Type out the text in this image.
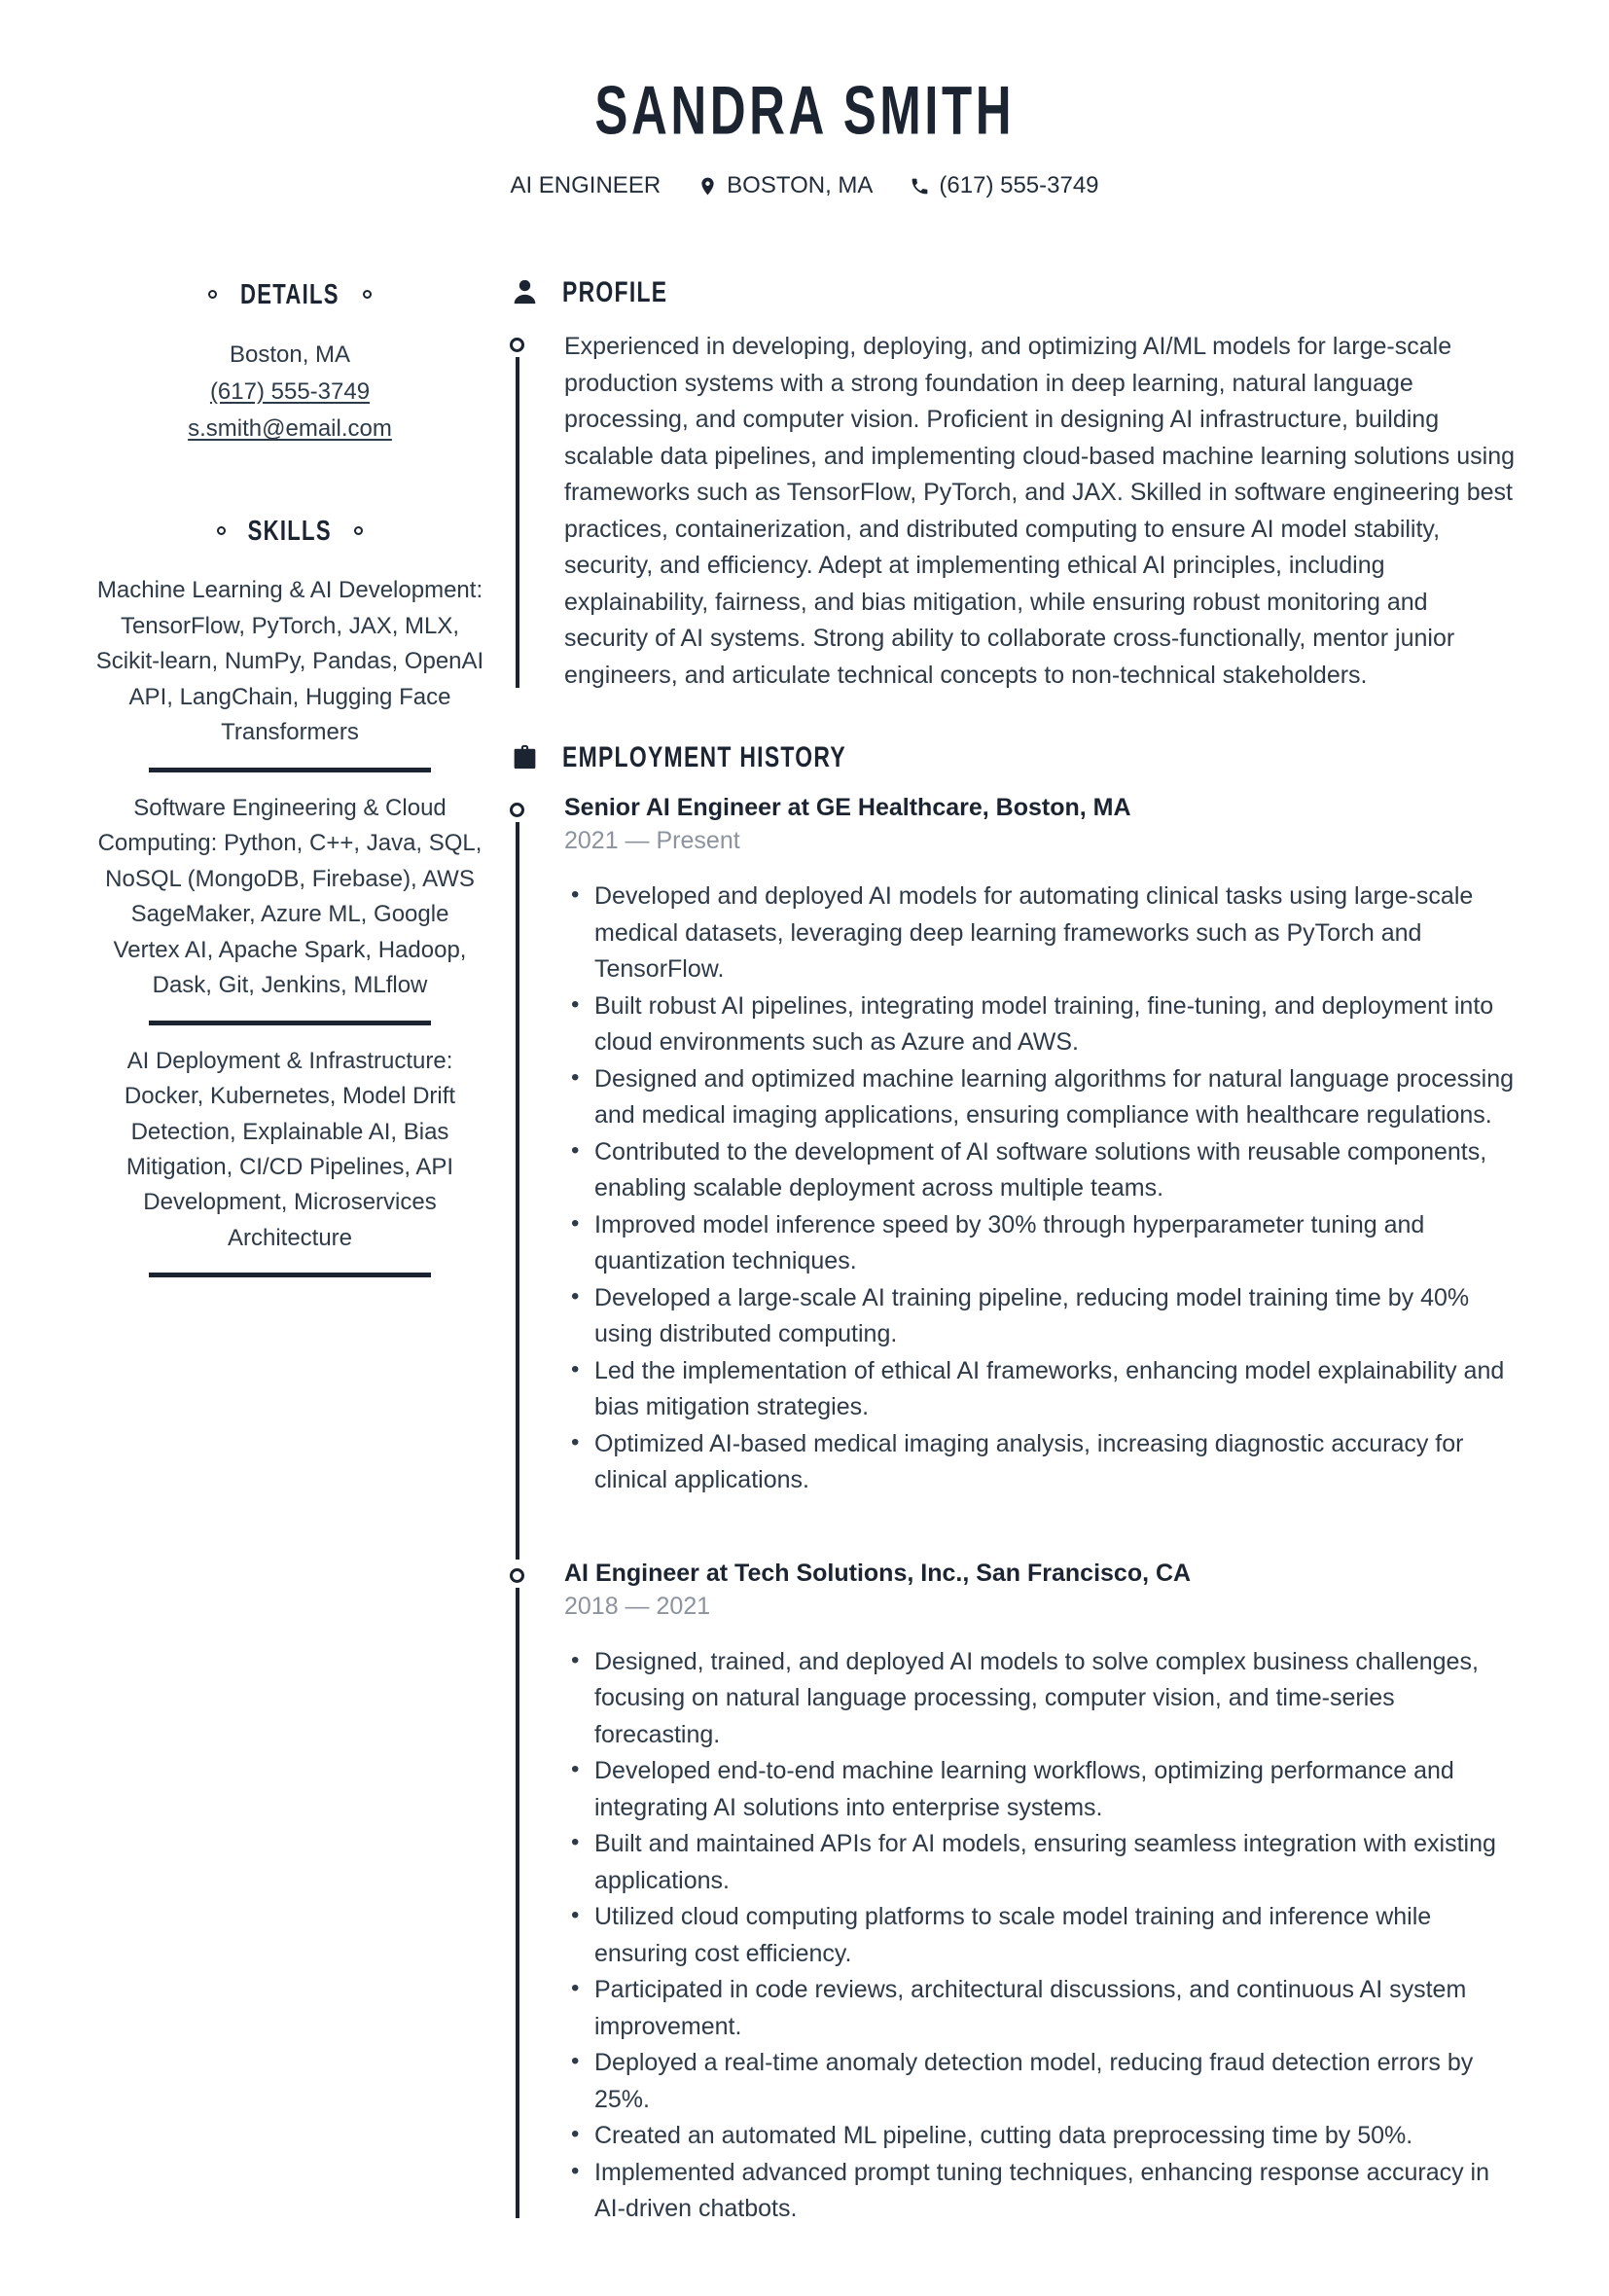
SANDRA SMITH
AI ENGINEER	BOSTON, MA	(617) 555-3749
DETAILS
Boston, MA
(617) 555-3749
s.smith@email.com
SKILLS

Machine Learning & AI Development: TensorFlow, PyTorch, JAX, MLX, Scikit-learn, NumPy, Pandas, OpenAI API, LangChain, Hugging Face Transformers

Software Engineering & Cloud Computing: Python, C++, Java, SQL, NoSQL (MongoDB, Firebase), AWS SageMaker, Azure ML, Google Vertex AI, Apache Spark, Hadoop, Dask, Git, Jenkins, MLflow

AI Deployment & Infrastructure: Docker, Kubernetes, Model Drift Detection, Explainable AI, Bias Mitigation, CI/CD Pipelines, API Development, Microservices Architecture

PROFILE

Experienced in developing, deploying, and optimizing AI/ML models for large-scale production systems with a strong foundation in deep learning, natural language processing, and computer vision. Proficient in designing AI infrastructure, building scalable data pipelines, and implementing cloud-based machine learning solutions using frameworks such as TensorFlow, PyTorch, and JAX. Skilled in software engineering best practices, containerization, and distributed computing to ensure AI model stability, security, and efficiency. Adept at implementing ethical AI principles, including explainability, fairness, and bias mitigation, while ensuring robust monitoring and security of AI systems. Strong ability to collaborate cross-functionally, mentor junior engineers, and articulate technical concepts to non-technical stakeholders.

EMPLOYMENT HISTORY
Senior AI Engineer at GE Healthcare, Boston, MA
2021 — Present
• Developed and deployed AI models for automating clinical tasks using large-scale medical datasets, leveraging deep learning frameworks such as PyTorch and TensorFlow.
• Built robust AI pipelines, integrating model training, fine-tuning, and deployment into cloud environments such as Azure and AWS.
• Designed and optimized machine learning algorithms for natural language processing and medical imaging applications, ensuring compliance with healthcare regulations.
• Contributed to the development of AI software solutions with reusable components, enabling scalable deployment across multiple teams.
• Improved model inference speed by 30% through hyperparameter tuning and quantization techniques.
• Developed a large-scale AI training pipeline, reducing model training time by 40% using distributed computing.
• Led the implementation of ethical AI frameworks, enhancing model explainability and bias mitigation strategies.
• Optimized AI-based medical imaging analysis, increasing diagnostic accuracy for clinical applications.
AI Engineer at Tech Solutions, Inc., San Francisco, CA
2018 — 2021
• Designed, trained, and deployed AI models to solve complex business challenges, focusing on natural language processing, computer vision, and time-series forecasting.
• Developed end-to-end machine learning workflows, optimizing performance and integrating AI solutions into enterprise systems.
• Built and maintained APIs for AI models, ensuring seamless integration with existing applications.
• Utilized cloud computing platforms to scale model training and inference while ensuring cost efficiency.
• Participated in code reviews, architectural discussions, and continuous AI system improvement.
• Deployed a real-time anomaly detection model, reducing fraud detection errors by 25%.
• Created an automated ML pipeline, cutting data preprocessing time by 50%.
• Implemented advanced prompt tuning techniques, enhancing response accuracy in AI-driven chatbots.
